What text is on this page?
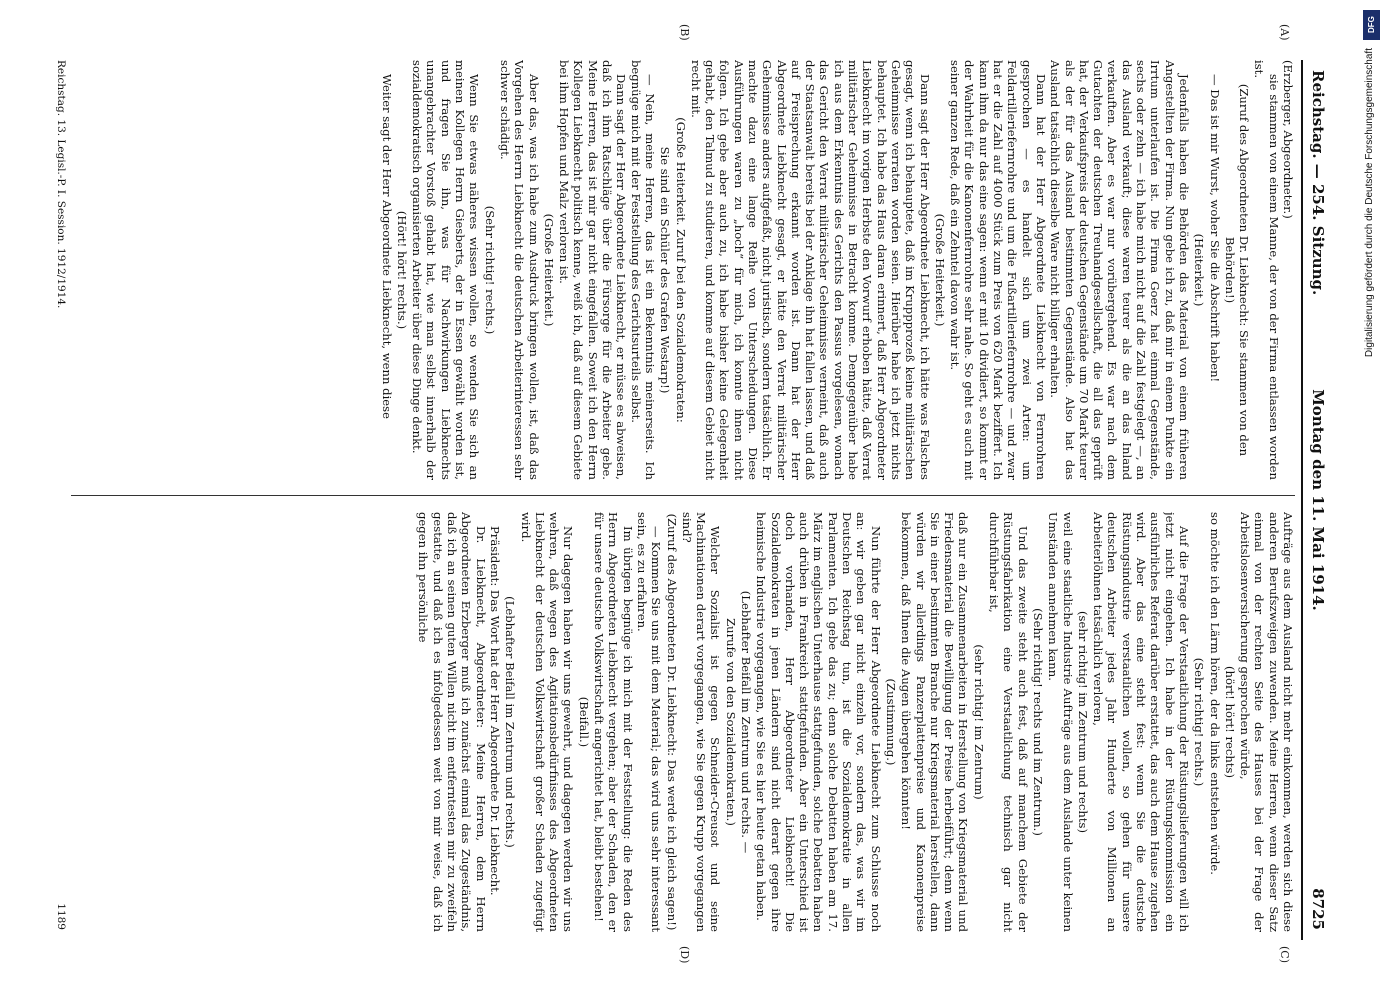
Reichstag. — 254. Sitzung.
Montag den 11. Mai 1914.
8725
(A)
(B)
(C)
(D)

(Erzberger, Abgeordneter.)

sie stammen von einem Manne, der von der Firma entlassen worden ist.

(Zuruf des Abgeordneten Dr. Liebknecht: Sie stammen von den Behörden!)

— Das ist mir Wurst, woher Sie die Abschrift haben!

(Heiterkeit.)

Jedenfalls haben die Behörden das Material von einem früheren Angestellten der Firma. Nun gebe ich zu, daß mir in einem Punkte ein Irrtum unterlaufen ist. Die Firma Goerz hat einmal Gegenstände, sechs oder zehn — ich habe mich nicht auf die Zahl festgelegt —, an das Ausland verkauft; diese waren teurer als die an das Inland verkauften. Aber es war nur vorübergehend. Es war nach dem Gutachten der deutschen Treuhandgesellschaft, die all das geprüft hat, der Verkaufspreis der deutschen Gegenstände um 70 Mark teurer als der für das Ausland bestimmten Gegenstände. Also hat das Ausland tatsächlich dieselbe Ware nicht billiger erhalten.

Dann hat der Herr Abgeordnete Liebknecht von Fernrohren gesprochen — es handelt sich um zwei Arten: um Feldartilleriefernrohre und um die Fußartilleriefernrohre — und zwar hat er die Zahl auf 4000 Stück zum Preis von 620 Mark beziffert. Ich kann ihm da nur das eine sagen: wenn er mit 10 dividiert, so kommt er der Wahrheit für die Kanonenfernrohre sehr nahe. So geht es auch mit seiner ganzen Rede, daß ein Zehntel davon wahr ist.

(Große Heiterkeit.)

Dann sagt der Herr Abgeordnete Liebknecht, ich hätte was Falsches gesagt, wenn ich behauptete, daß im Kruppprozeß keine militärischen Geheimnisse verraten worden seien. Hierüber habe ich jetzt nichts behauptet. Ich habe das Haus daran erinnert, daß Herr Abgeordneter Liebknecht im vorigen Herbste den Vorwurf erhoben hätte, daß Verrat militärischer Geheimnisse in Betracht komme. Demgegenüber habe ich aus dem Erkenntnis des Gerichts den Passus vorgelesen, wonach das Gericht den Verrat militärischer Geheimnisse verneint, daß auch der Staatsanwalt bereits bei der Anklage ihn hat fallen lassen, und daß auf Freisprechung erkannt worden ist. Dann hat der Herr Abgeordnete Liebknecht gesagt, er hätte den Verrat militärischer Geheimnisse anders aufgefaßt, nicht juristisch, sondern tatsächlich. Er machte dazu eine lange Reihe von Unterscheidungen. Diese Ausführungen waren zu „hoch“ für mich, ich konnte ihnen nicht folgen. Ich gebe aber auch zu, ich habe bisher keine Gelegenheit gehabt, den Talmud zu studieren, und komme auf diesem Gebiet nicht recht mit.

(Große Heiterkeit. Zuruf bei den Sozialdemokraten:

Sie sind ein Schüler des Grafen Westarp!)

— Nein, meine Herren, das ist ein Bekenntnis meinerseits. Ich begnüge mich mit der Feststellung des Gerichtsurteils selbst.

Dann sagt der Herr Abgeordnete Liebknecht, er müsse es abweisen, daß ich ihm Ratschläge über die Fürsorge für die Arbeiter gebe. Meine Herren, das ist mir gar nicht eingefallen. Soweit ich den Herrn Kollegen Liebknecht politisch kenne, weiß ich, daß auf diesem Gebiete bei ihm Hopfen und Malz verloren ist.

(Große Heiterkeit.)

Aber das, was ich habe zum Ausdruck bringen wollen, ist, daß das Vorgehen des Herrn Liebknecht die deutschen Arbeiterinteressen sehr schwer schädigt.

(Sehr richtig! rechts.)

Wenn Sie etwas näheres wissen wollen, so wenden Sie sich an meinen Kollegen Herrn Giesberts, der in Essen gewählt worden ist, und fragen Sie ihn, was für Nachwirkungen Liebknechts unangebrachter Vorstoß gehabt hat, wie man selbst innerhalb der sozialdemokratisch organisierten Arbeiter über diese Dinge denkt.

(Hört! hört! rechts.)

Weiter sagt der Herr Abgeordnete Liebknecht, wenn diese

Aufträge aus dem Ausland nicht mehr einkommen, werden sich diese anderen Berufszweigen zuwenden. Meine Herren, wenn dieser Satz einmal von der rechten Seite des Hauses bei der Frage der Arbeitslosenversicherung gesprochen würde,

(hört! hört! rechts)

so möchte ich den Lärm hören, der da links entstehen würde.

(Sehr richtig! rechts.)

Auf die Frage der Verstaatlichung der Rüstungslieferungen will ich jetzt nicht eingehen. Ich habe in der Rüstungskommission ein ausführliches Referat darüber erstattet, das auch dem Hause zugehen wird. Aber das eine steht fest: wenn Sie die deutsche Rüstungsindustrie verstaatlichen wollen, so gehen für unsere deutschen Arbeiter jedes Jahr Hunderte von Millionen an Arbeiterlöhnen tatsächlich verloren,

(sehr richtig! im Zentrum und rechts)

weil eine staatliche Industrie Aufträge aus dem Auslande unter keinen Umständen annehmen kann.

(Sehr richtig! rechts und im Zentrum.)

Und das zweite steht auch fest, daß auf manchem Gebiete der Rüstungsfabrikation eine Verstaatlichung technisch gar nicht durchführbar ist,

(sehr richtig! im Zentrum)

daß nur ein Zusammenarbeiten in Herstellung von Kriegsmaterial und Friedensmaterial die Bewilligung der Preise herbeiführt; denn wenn Sie in einer bestimmten Branche nur Kriegsmaterial herstellen, dann würden wir allerdings Panzerplattenpreise und Kanonenpreise bekommen, daß Ihnen die Augen übergehen könnten!

(Zustimmung.)

Nun führte der Herr Abgeordnete Liebknecht zum Schlusse noch an: wir geben gar nicht einzeln vor, sondern das, was wir im Deutschen Reichstag tun, ist die Sozialdemokratie in allen Parlamenten. Ich gebe das zu; denn solche Debatten haben am 17. März im englischen Unterhause stattgefunden, solche Debatten haben auch drüben in Frankreich stattgefunden. Aber ein Unterschied ist doch vorhanden, Herr Abgeordneter Liebknecht! Die Sozialdemokraten in jenen Ländern sind nicht derart gegen ihre heimische Industrie vorgegangen, wie Sie es hier heute getan haben.

(Lebhafter Beifall im Zentrum und rechts. —

Zurufe von den Sozialdemokraten.)

Welcher Sozialist ist gegen Schneider-Creusot und seine Machinationen derart vorgegangen, wie Sie gegen Krupp vorgegangen sind?

(Zuruf des Abgeordneten Dr. Liebknecht: Das werde ich gleich sagen!)

— Kommen Sie uns mit dem Material; das wird uns sehr interessant sein, es zu erfahren.

Im übrigen begnüge ich mich mit der Feststellung: die Reden des Herrn Abgeordneten Liebknecht vergehen; aber der Schaden, den er für unsere deutsche Volkswirtschaft angerichtet hat, bleibt bestehen!

(Beifall.)

Nur dagegen haben wir uns gewehrt, und dagegen werden wir uns wehren, daß wegen des Agitationsbedürfnisses des Abgeordneten Liebknecht der deutschen Volkswirtschaft großer Schaden zugefügt wird.

(Lebhafter Beifall im Zentrum und rechts.)

Präsident: Das Wort hat der Herr Abgeordnete Dr. Liebknecht.

Dr. Liebknecht, Abgeordneter: Meine Herren, dem Herrn Abgeordneten Erzberger muß ich zunächst einmal das Zugeständnis, daß ich an seinen guten Willen nicht im entferntesten mir zu zweifeln gestatte, und daß ich es infolgedessen weit von mir weise, daß ich gegen ihn persönliche

Reichstag. 13. Legisl.-P. I. Session. 1912/1914.
1189
DFG
Digitalisierung gefördert durch die Deutsche Forschungsgemeinschaft
